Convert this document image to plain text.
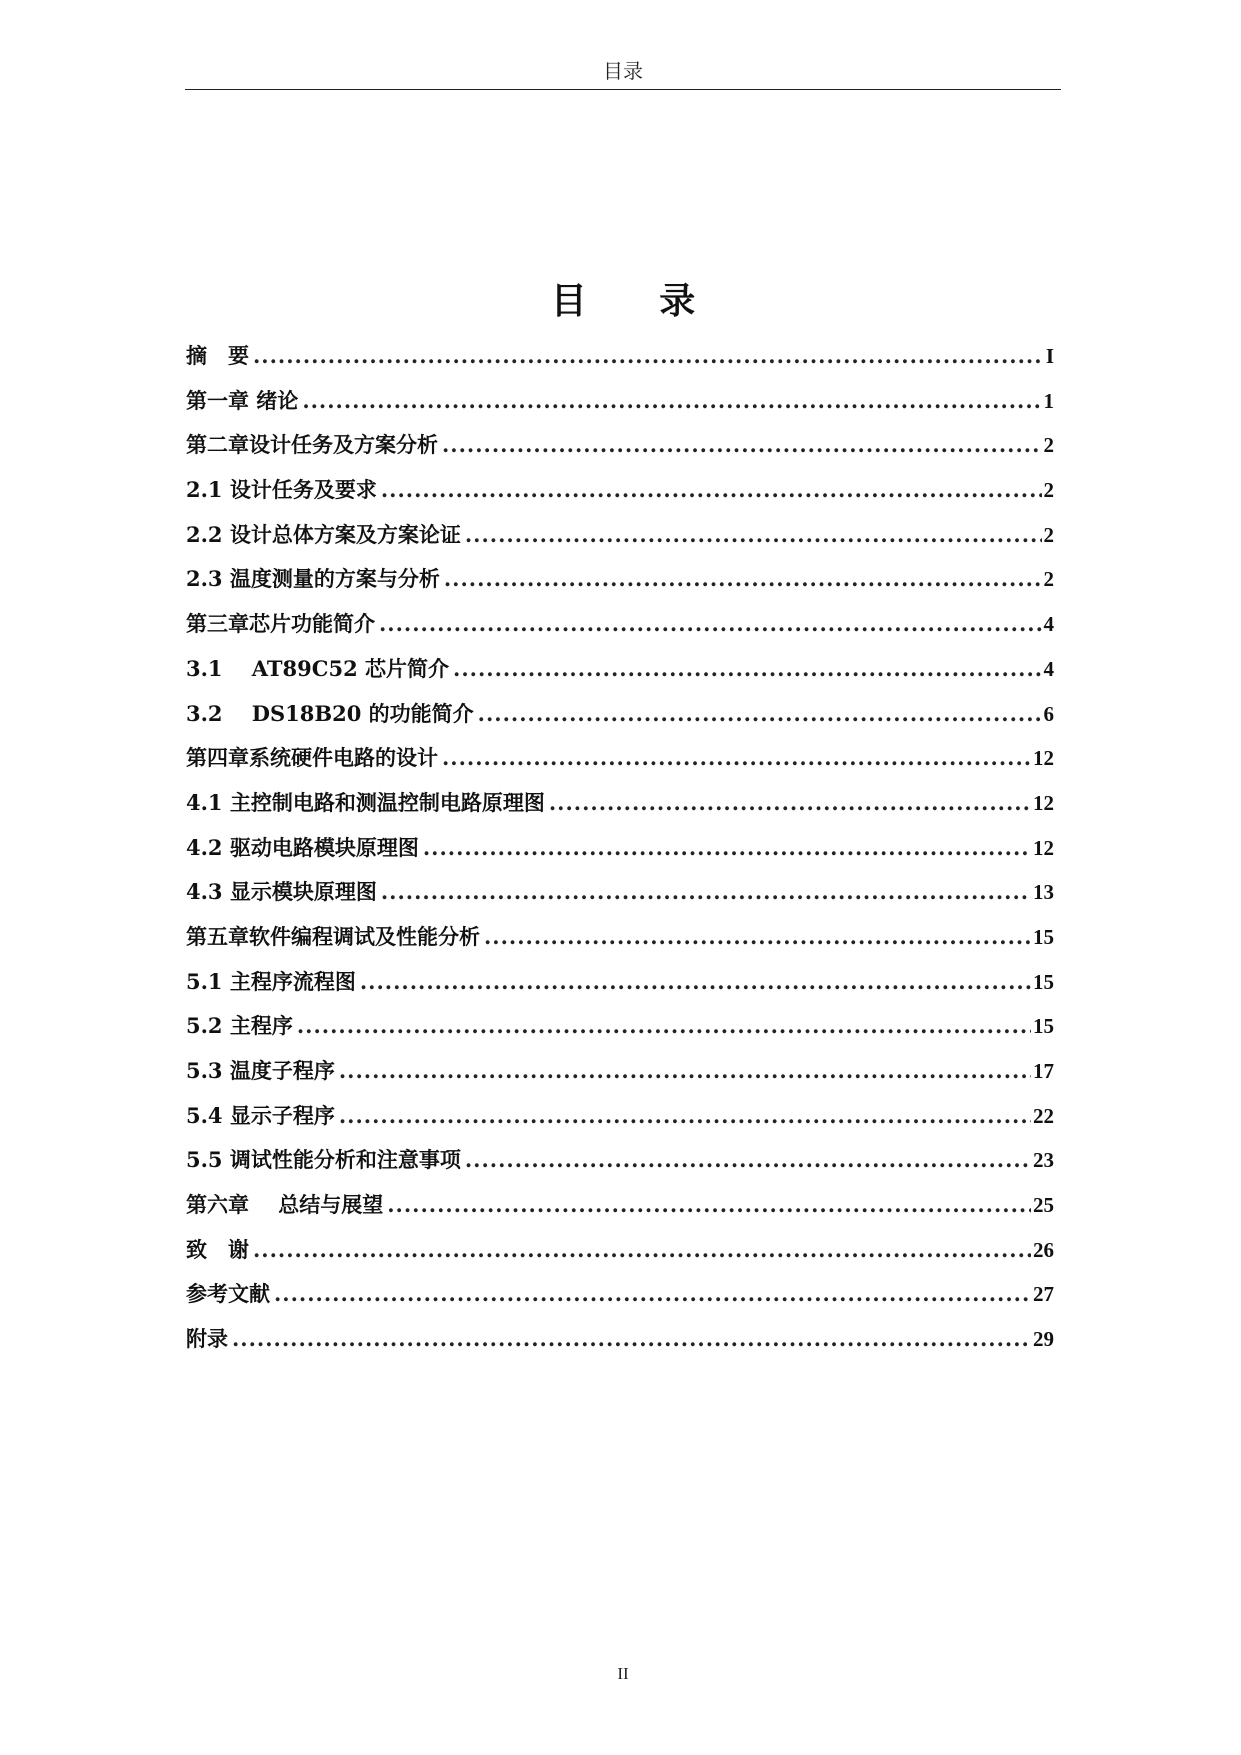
目录
目 录
摘　要 .....	I
第一章 绪论 .....	1
第二章设计任务及方案分析 .....	2
2.1 设计任务及要求 .....	2
2.2 设计总体方案及方案论证 .....	2
2.3 温度测量的方案与分析 .....	2
第三章芯片功能简介 .....	4
3.1    AT89C52 芯片简介 .....	4
3.2    DS18B20 的功能简介 .....	6
第四章系统硬件电路的设计 .....	12
4.1 主控制电路和测温控制电路原理图 .....	12
4.2 驱动电路模块原理图 .....	12
4.3 显示模块原理图 .....	13
第五章软件编程调试及性能分析 .....	15
5.1 主程序流程图 .....	15
5.2 主程序 .....	15
5.3 温度子程序 .....	17
5.4 显示子程序 .....	22
5.5 调试性能分析和注意事项 .....	23
第六章    总结与展望 .....	25
致　谢 .....	26
参考文献 .....	27
附录 .....	29
II
